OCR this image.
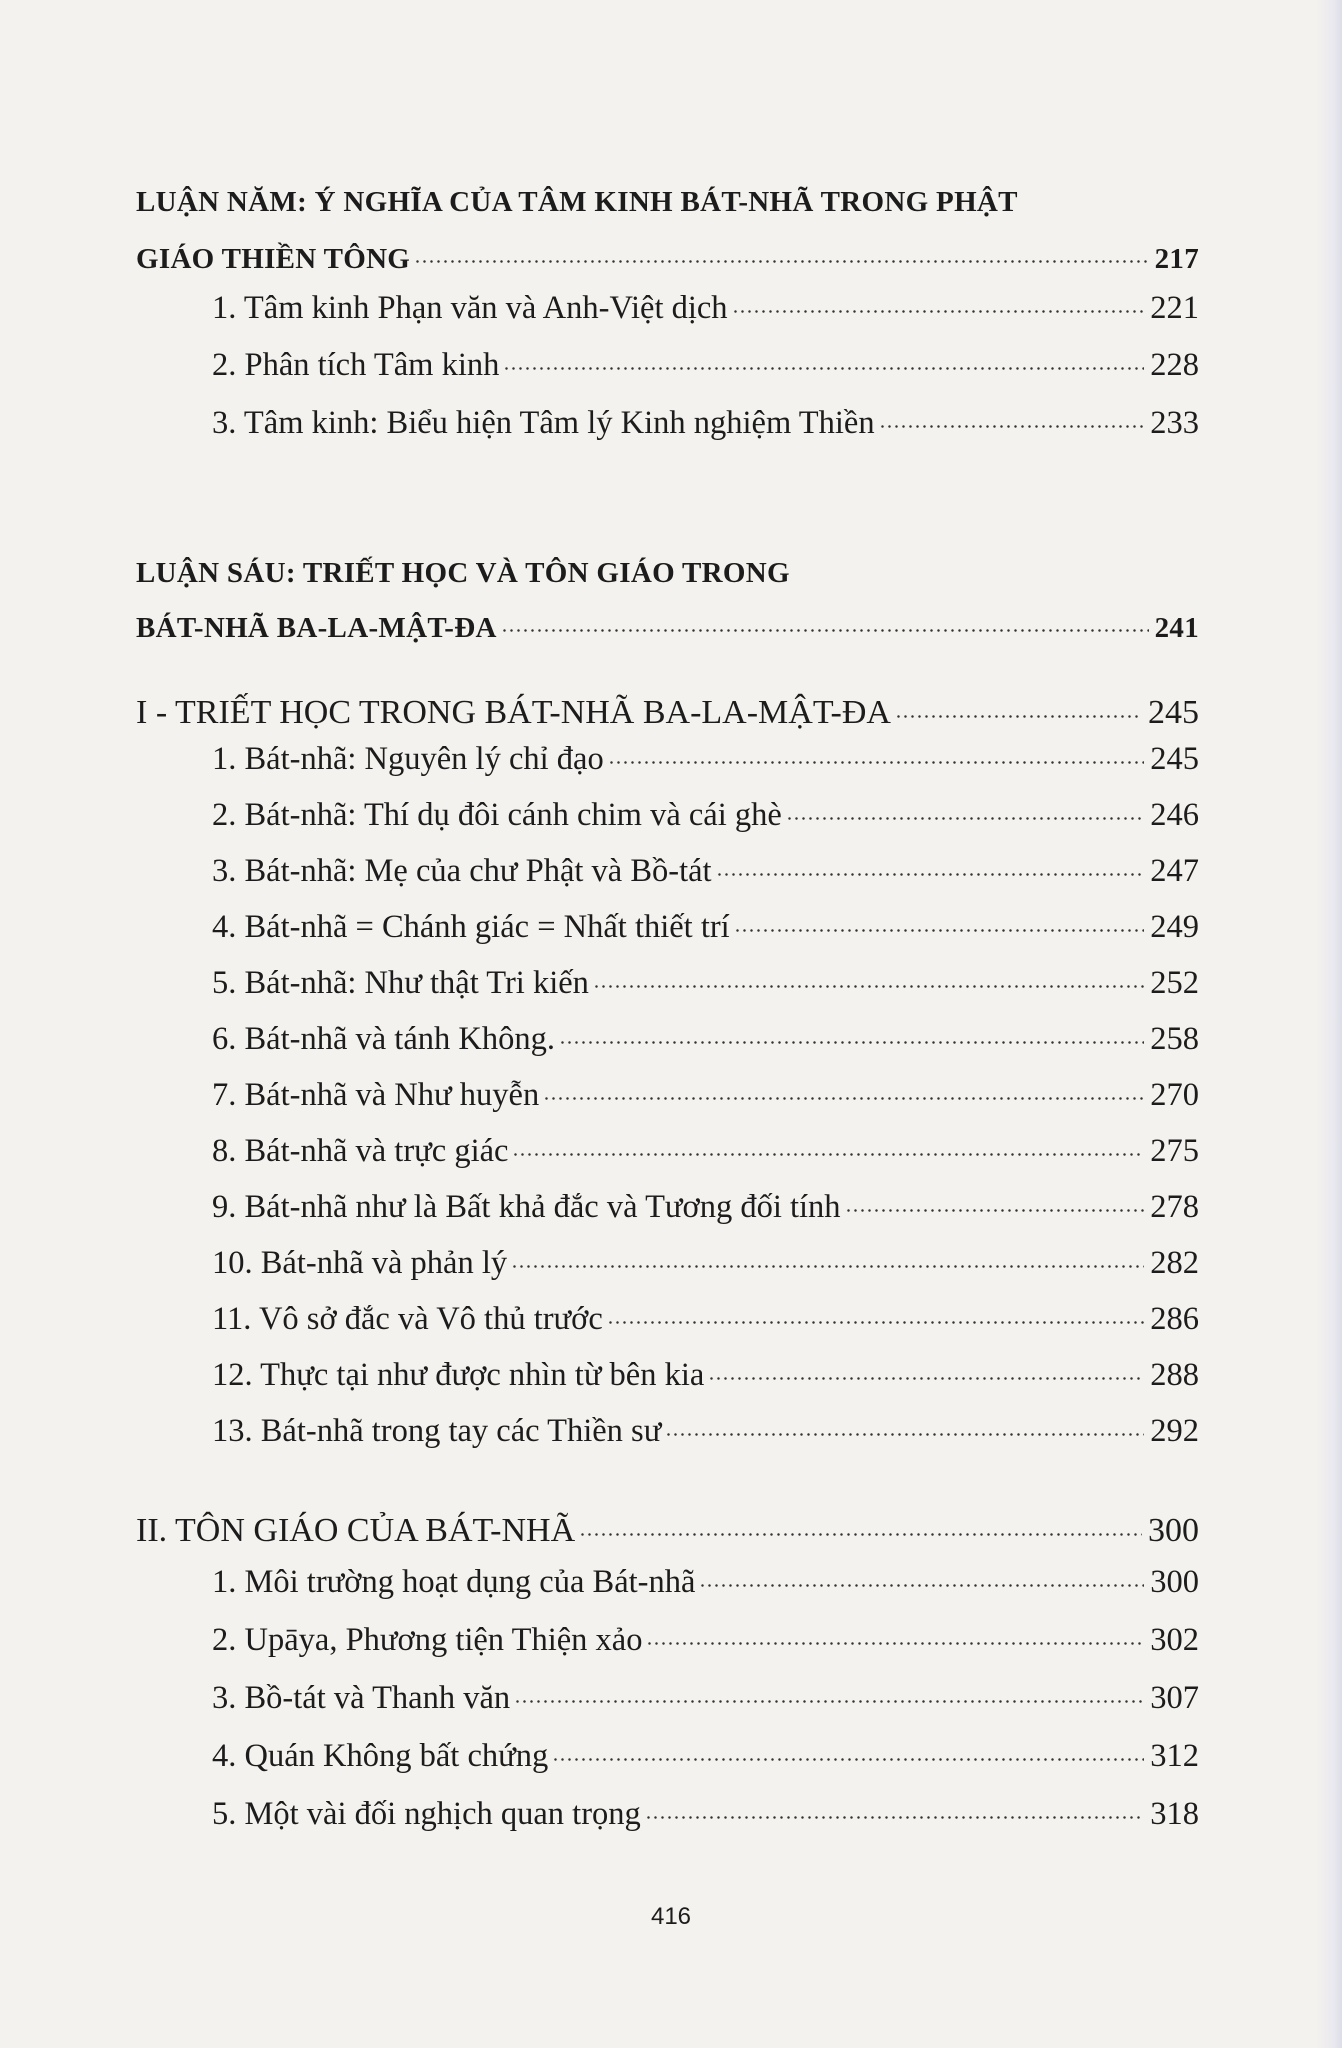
LUẬN NĂM: Ý NGHĨA CỦA TÂM KINH BÁT-NHÃ TRONG PHẬT
GIÁO THIỀN TÔNG	217
1. Tâm kinh Phạn văn và Anh-Việt dịch	221
2. Phân tích Tâm kinh	228
3. Tâm kinh: Biểu hiện Tâm lý Kinh nghiệm Thiền	233
LUẬN SÁU: TRIẾT HỌC VÀ TÔN GIÁO TRONG
BÁT-NHÃ BA-LA-MẬT-ĐA	241
I - TRIẾT HỌC TRONG BÁT-NHÃ BA-LA-MẬT-ĐA	245
1. Bát-nhã: Nguyên lý chỉ đạo	245
2. Bát-nhã: Thí dụ đôi cánh chim và cái ghè	246
3. Bát-nhã: Mẹ của chư Phật và Bồ-tát	247
4. Bát-nhã = Chánh giác = Nhất thiết trí	249
5. Bát-nhã: Như thật Tri kiến	252
6. Bát-nhã và tánh Không.	258
7. Bát-nhã và Như huyễn	270
8. Bát-nhã và trực giác	275
9. Bát-nhã như là Bất khả đắc và Tương đối tính	278
10. Bát-nhã và phản lý	282
11. Vô sở đắc và Vô thủ trước	286
12. Thực tại như được nhìn từ bên kia	288
13. Bát-nhã trong tay các Thiền sư	292
II. TÔN GIÁO CỦA BÁT-NHÃ	300
1. Môi trường hoạt dụng của Bát-nhã	300
2. Upāya, Phương tiện Thiện xảo	302
3. Bồ-tát và Thanh văn	307
4. Quán Không bất chứng	312
5. Một vài đối nghịch quan trọng	318
416
